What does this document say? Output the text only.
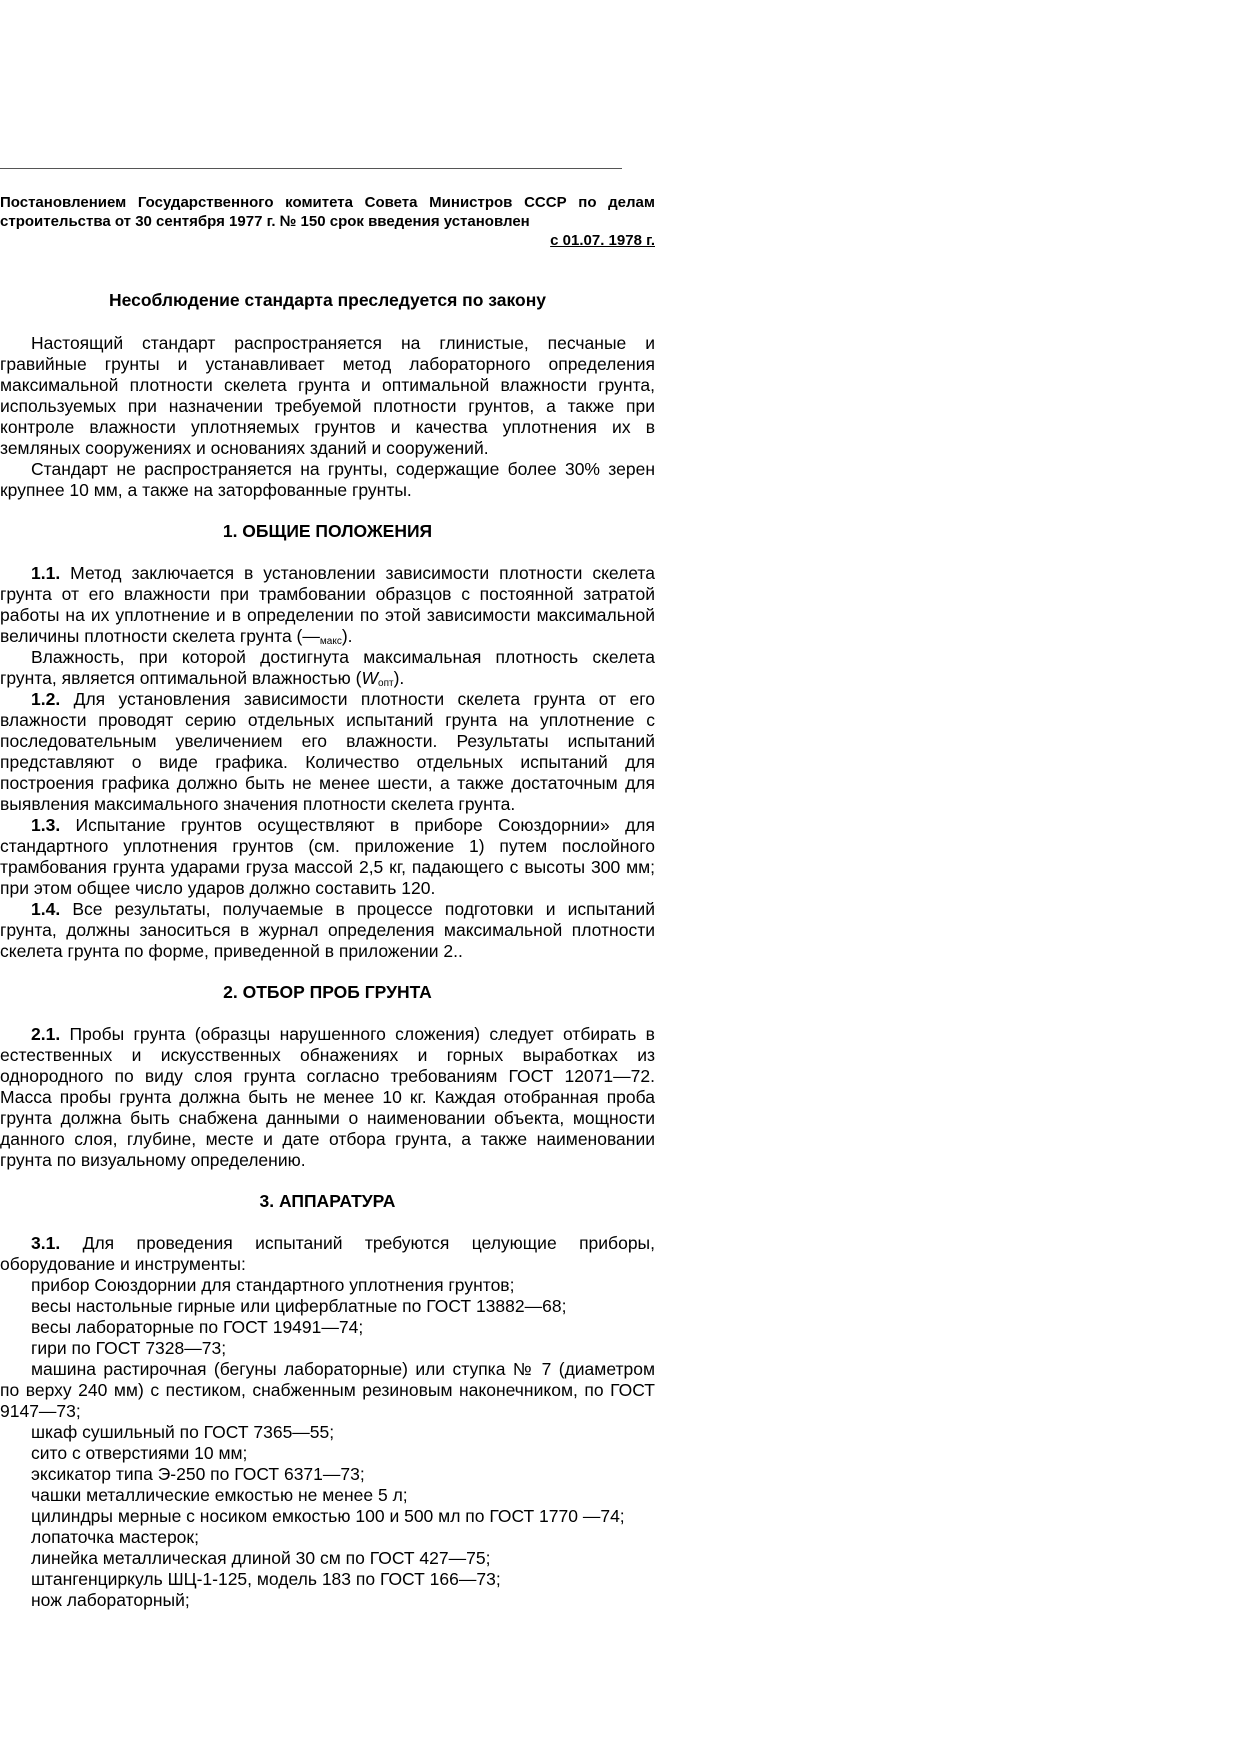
Постановлением Государственного комитета Совета Министров СССР по делам строительства от 30 сентября 1977 г. № 150 срок введения установлен
с 01.07. 1978 г.
Несоблюдение стандарта преследуется по закону

Настоящий стандарт распространяется на глинистые, песчаные и гравийные грунты и устанавливает метод лабораторного определения максимальной плотности скелета грунта и оптимальной влажности грунта, используемых при назначении требуемой плотности грунтов, а также при контроле влажности уплотняемых грунтов и качества уплотнения их в земляных сооружениях и основаниях зданий и сооружений.

Стандарт не распространяется на грунты, содержащие более 30% зерен крупнее 10 мм, а также на заторфованные грунты.

1. ОБЩИЕ ПОЛОЖЕНИЯ

1.1. Метод заключается в установлении зависимости плотности скелета грунта от его влажности при трамбовании образцов с постоянной затратой работы на их уплотнение и в определении по этой зависимости максимальной величины плотности скелета грунта $(—_{макс})$.

Влажность, при которой достигнута максимальная плотность скелета грунта, является оптимальной влажностью $(W_{опт})$.

1.2. Для установления зависимости плотности скелета грунта от его влажности проводят серию отдельных испытаний грунта на уплотнение с последовательным увеличением его влажности. Результаты испытаний представляют о виде графика. Количество отдельных испытаний для построения графика должно быть не менее шести, а также достаточным для выявления максимального значения плотности скелета грунта.

1.3. Испытание грунтов осуществляют в приборе Союздорнии» для стандартного уплотнения грунтов (см. приложение 1) путем послойного трамбования грунта ударами груза массой 2,5 кг, падающего с высоты 300 мм; при этом общее число ударов должно составить 120.

1.4. Все результаты, получаемые в процессе подготовки и испытаний грунта, должны заноситься в журнал определения максимальной плотности скелета грунта по форме, приведенной в приложении 2..

2. ОТБОР ПРОБ ГРУНТА

2.1. Пробы грунта (образцы нарушенного сложения) следует отбирать в естественных и искусственных обнажениях и горных выработках из однородного по виду слоя грунта согласно требованиям ГОСТ 12071—72. Масса пробы грунта должна быть не менее 10 кг. Каждая отобранная проба грунта должна быть снабжена данными о наименовании объекта, мощности данного слоя, глубине, месте и дате отбора грунта, а также наименовании грунта по визуальному определению.

3. АППАРАТУРА

3.1. Для проведения испытаний требуются целующие приборы, оборудование и инструменты:

прибор Союздорнии для стандартного уплотнения грунтов;
весы настольные гирные или циферблатные по ГОСТ 13882—68;
весы лабораторные по ГОСТ 19491—74;
гири по ГОСТ 7328—73;
машина растирочная (бегуны лабораторные) или ступка № 7 (диаметром по верху 240 мм) с пестиком, снабженным резиновым наконечником, по ГОСТ 9147—73;
шкаф сушильный по ГОСТ 7365—55;
сито с отверстиями 10 мм;
эксикатор типа Э-250 по ГОСТ 6371—73;
чашки металлические емкостью не менее 5 л;
цилиндры мерные с носиком емкостью 100 и 500 мл по ГОСТ 1770 —74;
лопаточка мастерок;
линейка металлическая длиной 30 см по ГОСТ 427—75;
штангенциркуль ШЦ-1-125, модель 183 по ГОСТ 166—73;
нож лабораторный;
